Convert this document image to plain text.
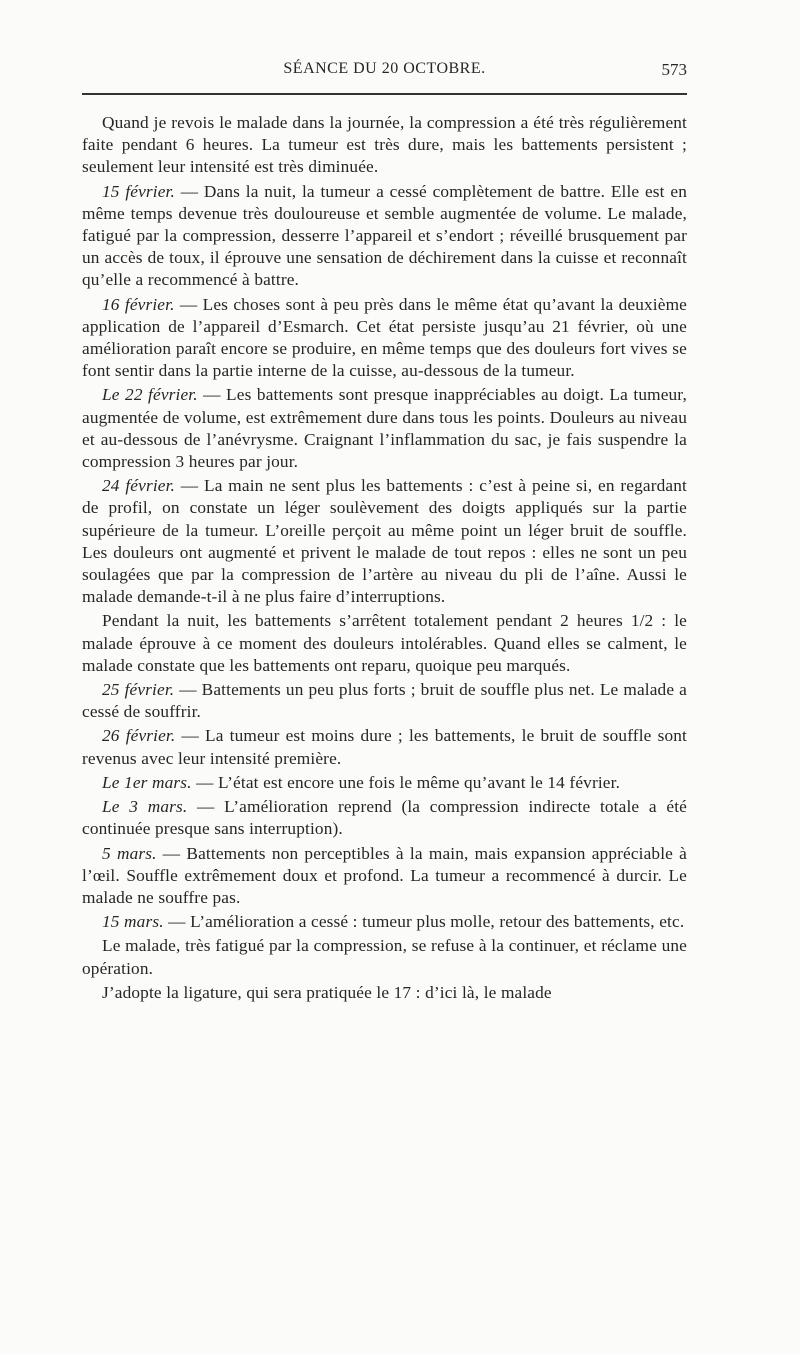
SÉANCE DU 20 OCTOBRE.	573

Quand je revois le malade dans la journée, la compression a été très régulièrement faite pendant 6 heures. La tumeur est très dure, mais les battements persistent ; seulement leur intensité est très diminuée.

15 février. — Dans la nuit, la tumeur a cessé complètement de battre. Elle est en même temps devenue très douloureuse et semble augmentée de volume. Le malade, fatigué par la compression, desserre l’appareil et s’endort ; réveillé brusquement par un accès de toux, il éprouve une sensation de déchirement dans la cuisse et reconnaît qu’elle a recommencé à battre.

16 février. — Les choses sont à peu près dans le même état qu’avant la deuxième application de l’appareil d’Esmarch. Cet état persiste jusqu’au 21 février, où une amélioration paraît encore se produire, en même temps que des douleurs fort vives se font sentir dans la partie interne de la cuisse, au-dessous de la tumeur.

Le 22 février. — Les battements sont presque inappréciables au doigt. La tumeur, augmentée de volume, est extrêmement dure dans tous les points. Douleurs au niveau et au-dessous de l’anévrysme. Craignant l’inflammation du sac, je fais suspendre la compression 3 heures par jour.

24 février. — La main ne sent plus les battements : c’est à peine si, en regardant de profil, on constate un léger soulèvement des doigts appliqués sur la partie supérieure de la tumeur. L’oreille perçoit au même point un léger bruit de souffle. Les douleurs ont augmenté et privent le malade de tout repos : elles ne sont un peu soulagées que par la compression de l’artère au niveau du pli de l’aîne. Aussi le malade demande-t-il à ne plus faire d’interruptions.

Pendant la nuit, les battements s’arrêtent totalement pendant 2 heures 1/2 : le malade éprouve à ce moment des douleurs intolérables. Quand elles se calment, le malade constate que les battements ont reparu, quoique peu marqués.

25 février. — Battements un peu plus forts ; bruit de souffle plus net. Le malade a cessé de souffrir.

26 février. — La tumeur est moins dure ; les battements, le bruit de souffle sont revenus avec leur intensité première.

Le 1er mars. — L’état est encore une fois le même qu’avant le 14 février.

Le 3 mars. — L’amélioration reprend (la compression indirecte totale a été continuée presque sans interruption).

5 mars. — Battements non perceptibles à la main, mais expansion appréciable à l’œil. Souffle extrêmement doux et profond. La tumeur a recommencé à durcir. Le malade ne souffre pas.

15 mars. — L’amélioration a cessé : tumeur plus molle, retour des battements, etc.

Le malade, très fatigué par la compression, se refuse à la continuer, et réclame une opération.

J’adopte la ligature, qui sera pratiquée le 17 : d’ici là, le malade
